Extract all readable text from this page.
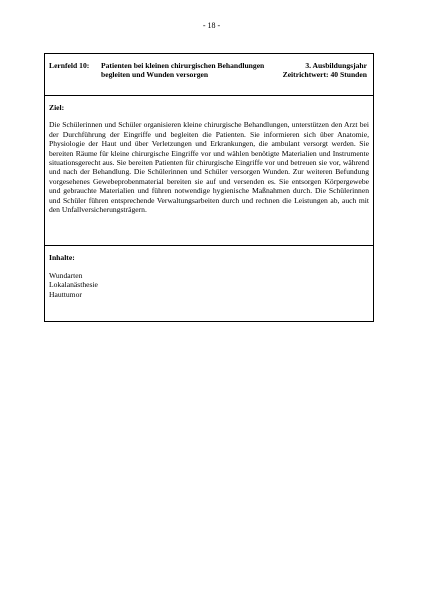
- 18 -
Lernfeld 10: Patienten bei kleinen chirurgischen Behandlungen begleiten und Wunden versorgen
3. Ausbildungsjahr
Zeitrichtwert: 40 Stunden
Ziel:
Die Schülerinnen und Schüler organisieren kleine chirurgische Behandlungen, unterstützen den Arzt bei der Durchführung der Eingriffe und begleiten die Patienten. Sie informieren sich über Anatomie, Physiologie der Haut und über Verletzungen und Erkrankungen, die ambulant versorgt werden. Sie bereiten Räume für kleine chirurgische Eingriffe vor und wählen benötigte Materialien und Instrumente situationsgerecht aus. Sie bereiten Patienten für chirurgische Eingriffe vor und betreuen sie vor, während und nach der Behandlung. Die Schülerinnen und Schüler versorgen Wunden. Zur weiteren Befundung vorgesehenes Gewebeprobenmaterial bereiten sie auf und versenden es. Sie entsorgen Körpergewebe und gebrauchte Materialien und führen notwendige hygienische Maßnahmen durch. Die Schülerinnen und Schüler führen entsprechende Verwaltungsarbeiten durch und rechnen die Leistungen ab, auch mit den Unfallversicherungsträgern.
Inhalte:
Wundarten
Lokalanästhesie
Hauttumor
